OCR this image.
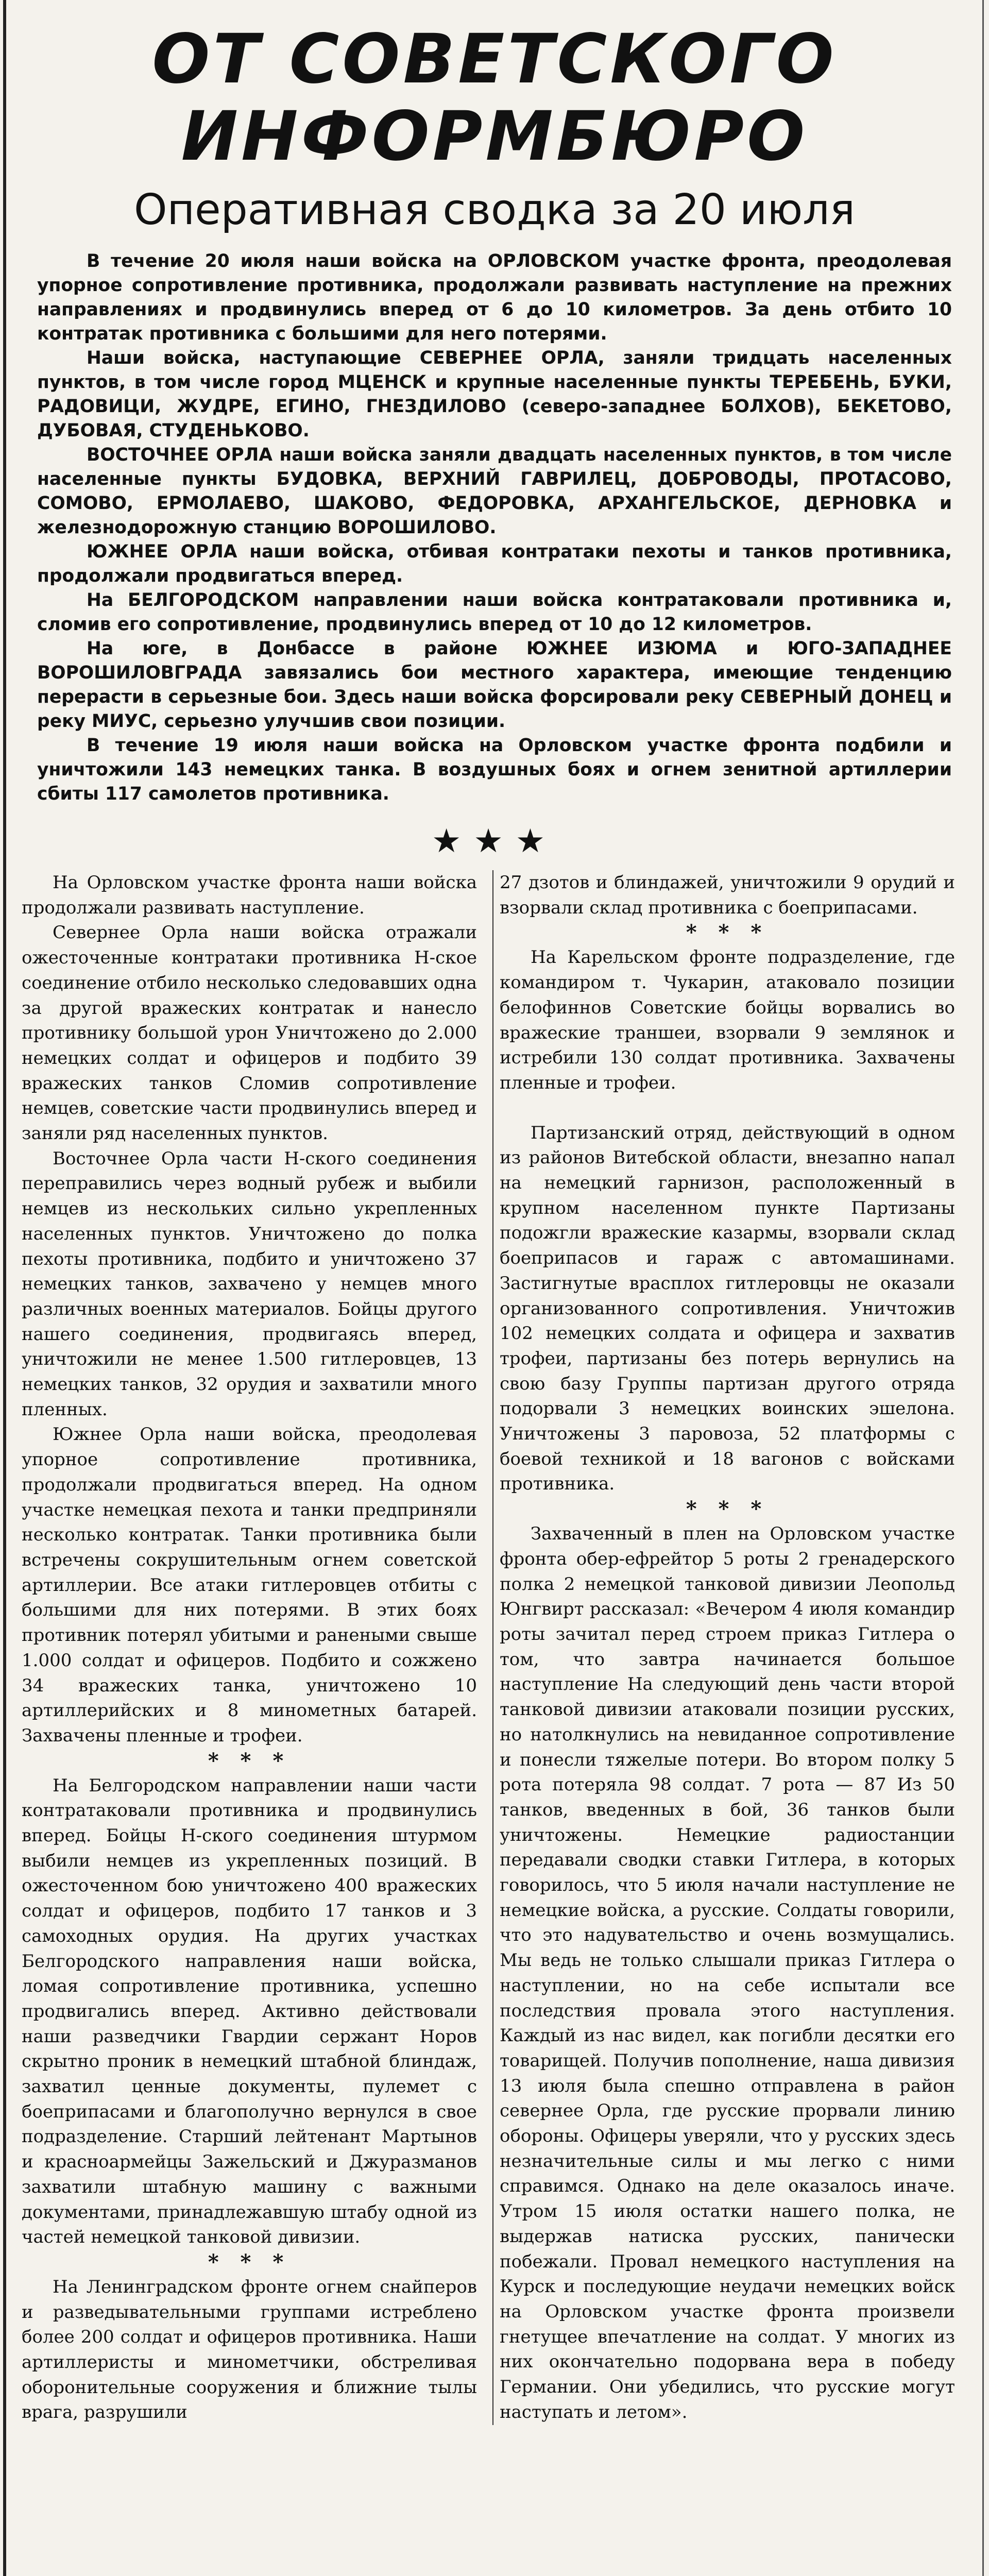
ОТ СОВЕТСКОГО ИНФОРМБЮРО
Оперативная сводка за 20 июля

В течение 20 июля наши войска на ОРЛОВСКОМ участке фронта, преодолевая упорное сопротивление противника, продолжали развивать наступление на прежних направлениях и продвинулись вперед от 6 до 10 километров. За день отбито 10 контратак противника с большими для него потерями.

Наши войска, наступающие СЕВЕРНЕЕ ОРЛА, заняли тридцать населенных пунктов, в том числе город МЦЕНСК и крупные населенные пункты ТЕРЕБЕНЬ, БУКИ, РАДОВИЦИ, ЖУДРЕ, ЕГИНО, ГНЕЗДИЛОВО (северо-западнее БОЛХОВ), БЕКЕТОВО, ДУБОВАЯ, СТУДЕНЬКОВО.

ВОСТОЧНЕЕ ОРЛА наши войска заняли двадцать населенных пунктов, в том числе населенные пункты БУДОВКА, ВЕРХНИЙ ГАВРИЛЕЦ, ДОБРОВОДЫ, ПРОТАСОВО, СОМОВО, ЕРМОЛАЕВО, ШАКОВО, ФЕДОРОВКА, АРХАНГЕЛЬСКОЕ, ДЕРНОВКА и железнодорожную станцию ВОРОШИЛОВО.

ЮЖНЕЕ ОРЛА наши войска, отбивая контратаки пехоты и танков противника, продолжали продвигаться вперед.

На БЕЛГОРОДСКОМ направлении наши войска контратаковали противника и, сломив его сопротивление, продвинулись вперед от 10 до 12 километров.

На юге, в Донбассе в районе ЮЖНЕЕ ИЗЮМА и ЮГО-ЗАПАДНЕЕ ВОРОШИЛОВГРАДА завязались бои местного характера, имеющие тенденцию перерасти в серьезные бои. Здесь наши войска форсировали реку СЕВЕРНЫЙ ДОНЕЦ и реку МИУС, серьезно улучшив свои позиции.

В течение 19 июля наши войска на Орловском участке фронта подбили и уничтожили 143 немецких танка. В воздушных боях и огнем зенитной артиллерии сбиты 117 самолетов противника.

★★★

На Орловском участке фронта наши войска продолжали развивать наступление.

Севернее Орла наши войска отражали ожесточенные контратаки противника Н-ское соединение отбило несколько следовавших одна за другой вражеских контратак и нанесло противнику большой урон Уничтожено до 2.000 немецких солдат и офицеров и подбито 39 вражеских танков Сломив сопротивление немцев, советские части продвинулись вперед и заняли ряд населенных пунктов.

Восточнее Орла части Н-ского соединения переправились через водный рубеж и выбили немцев из нескольких сильно укрепленных населенных пунктов. Уничтожено до полка пехоты противника, подбито и уничтожено 37 немецких танков, захвачено у немцев много различных военных материалов. Бойцы другого нашего соединения, продвигаясь вперед, уничтожили не менее 1.500 гитлеровцев, 13 немецких танков, 32 орудия и захватили много пленных.

Южнее Орла наши войска, преодолевая упорное сопротивление противника, продолжали продвигаться вперед. На одном участке немецкая пехота и танки предприняли несколько контратак. Танки противника были встречены сокрушительным огнем советской артиллерии. Все атаки гитлеровцев отбиты с большими для них потерями. В этих боях противник потерял убитыми и ранеными свыше 1.000 солдат и офицеров. Подбито и сожжено 34 вражеских танка, уничтожено 10 артиллерийских и 8 минометных батарей. Захвачены пленные и трофеи.

* * *

На Белгородском направлении наши части контратаковали противника и продвинулись вперед. Бойцы Н-ского соединения штурмом выбили немцев из укрепленных позиций. В ожесточенном бою уничтожено 400 вражеских солдат и офицеров, подбито 17 танков и 3 самоходных орудия. На других участках Белгородского направления наши войска, ломая сопротивление противника, успешно продвигались вперед. Активно действовали наши разведчики Гвардии сержант Норов скрытно проник в немецкий штабной блиндаж, захватил ценные документы, пулемет с боеприпасами и благополучно вернулся в свое подразделение. Старший лейтенант Мартынов и красноармейцы Зажельский и Джуразманов захватили штабную машину с важными документами, принадлежавшую штабу одной из частей немецкой танковой дивизии.

* * *

На Ленинградском фронте огнем снайперов и разведывательными группами истреблено более 200 солдат и офицеров противника. Наши артиллеристы и минометчики, обстреливая оборонительные сооружения и ближние тылы врага, разрушили

27 дзотов и блиндажей, уничтожили 9 орудий и взорвали склад противника с боеприпасами.

* * *

На Карельском фронте подразделение, где командиром т. Чукарин, атаковало позиции белофиннов Советские бойцы ворвались во вражеские траншеи, взорвали 9 землянок и истребили 130 солдат противника. Захвачены пленные и трофеи.

Партизанский отряд, действующий в одном из районов Витебской области, внезапно напал на немецкий гарнизон, расположенный в крупном населенном пункте Партизаны подожгли вражеские казармы, взорвали склад боеприпасов и гараж с автомашинами. Застигнутые врасплох гитлеровцы не оказали организованного сопротивления. Уничтожив 102 немецких солдата и офицера и захватив трофеи, партизаны без потерь вернулись на свою базу Группы партизан другого отряда подорвали 3 немецких воинских эшелона. Уничтожены 3 паровоза, 52 платформы с боевой техникой и 18 вагонов с войсками противника.

* * *

Захваченный в плен на Орловском участке фронта обер-ефрейтор 5 роты 2 гренадерского полка 2 немецкой танковой дивизии Леопольд Юнгвирт рассказал: «Вечером 4 июля командир роты зачитал перед строем приказ Гитлера о том, что завтра начинается большое наступление На следующий день части второй танковой дивизии атаковали позиции русских, но натолкнулись на невиданное сопротивление и понесли тяжелые потери. Во втором полку 5 рота потеряла 98 солдат. 7 рота — 87 Из 50 танков, введенных в бой, 36 танков были уничтожены. Немецкие радиостанции передавали сводки ставки Гитлера, в которых говорилось, что 5 июля начали наступление не немецкие войска, а русские. Солдаты говорили, что это надувательство и очень возмущались. Мы ведь не только слышали приказ Гитлера о наступлении, но на себе испытали все последствия провала этого наступления. Каждый из нас видел, как погибли десятки его товарищей. Получив пополнение, наша дивизия 13 июля была спешно отправлена в район севернее Орла, где русские прорвали линию обороны. Офицеры уверяли, что у русских здесь незначительные силы и мы легко с ними справимся. Однако на деле оказалось иначе. Утром 15 июля остатки нашего полка, не выдержав натиска русских, панически побежали. Провал немецкого наступления на Курск и последующие неудачи немецких войск на Орловском участке фронта произвели гнетущее впечатление на солдат. У многих из них окончательно подорвана вера в победу Германии. Они убедились, что русские могут наступать и летом».
